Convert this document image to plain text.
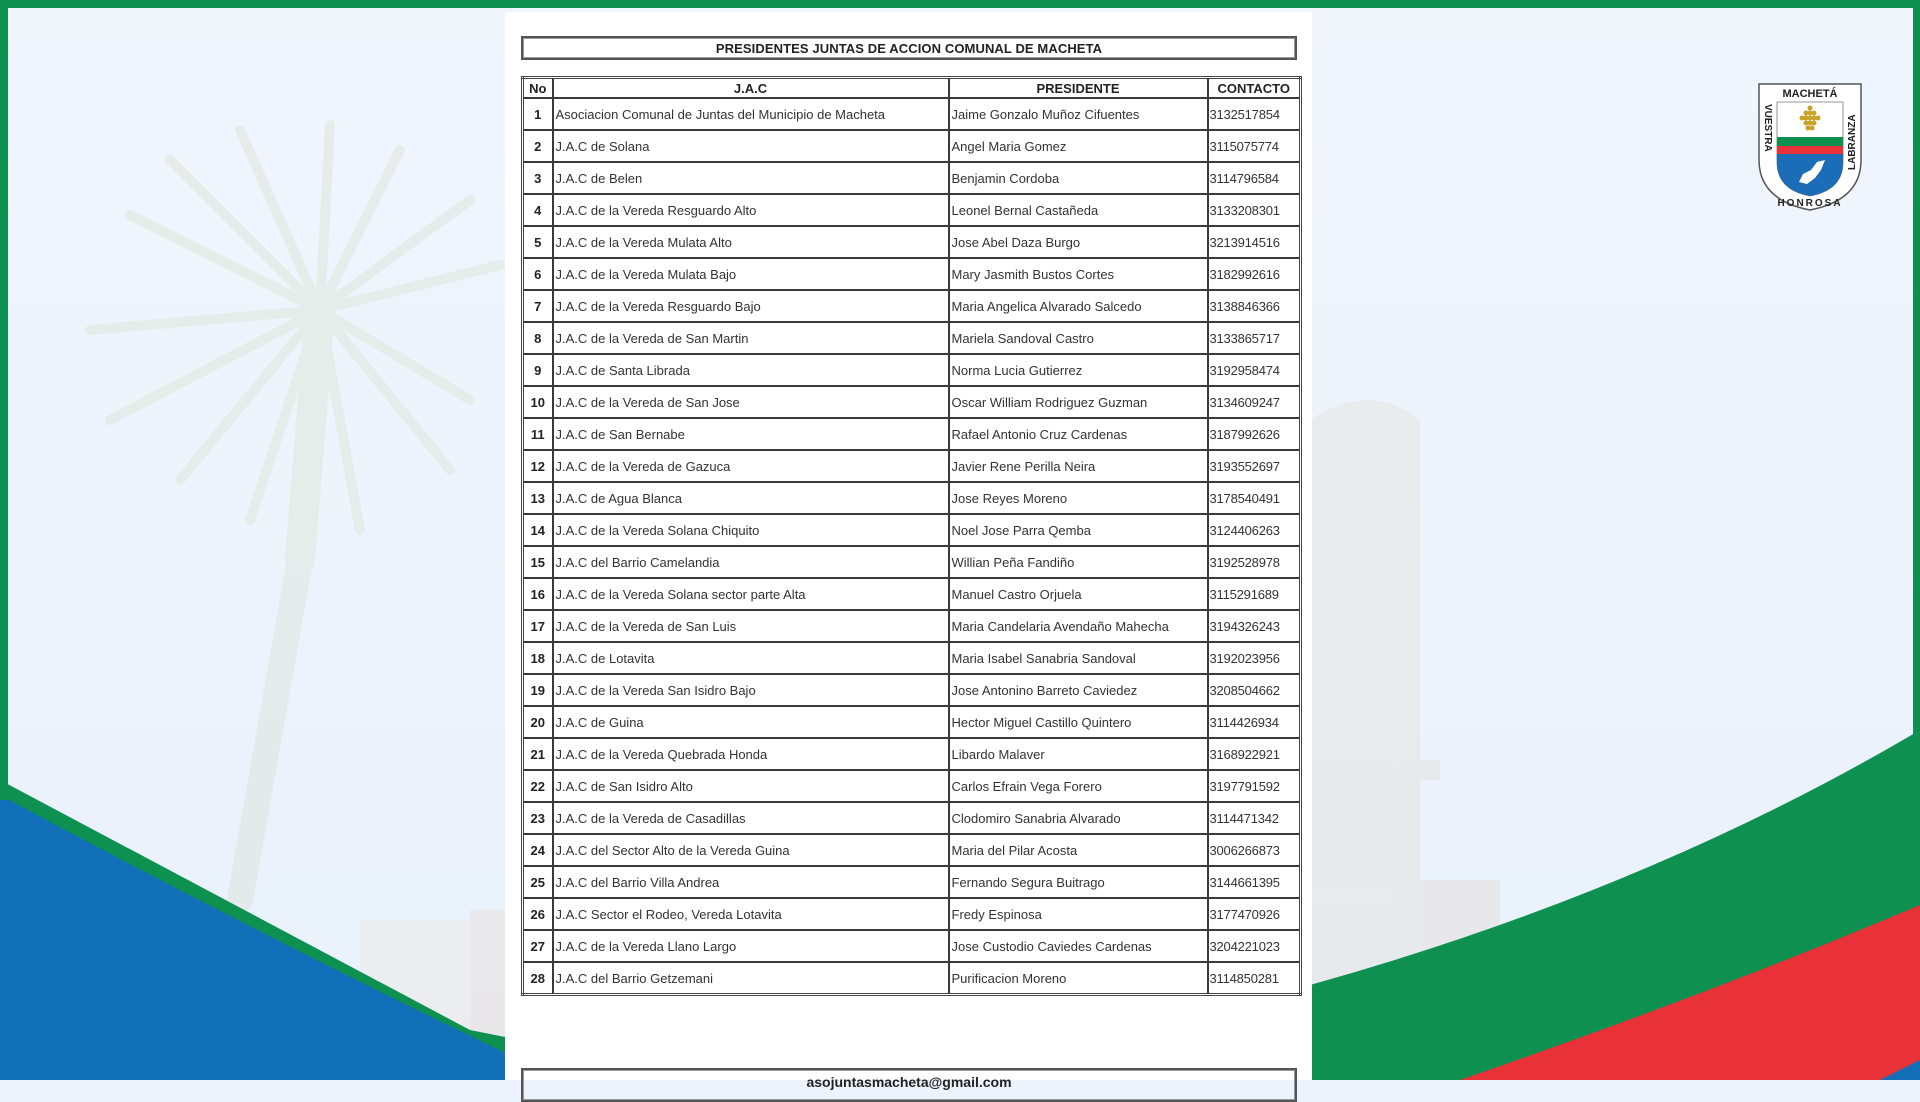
MACHETÁ
VUESTRA	LABRANZA
HONROSA
PRESIDENTES JUNTAS DE ACCION COMUNAL DE MACHETA
No	J.A.C	PRESIDENTE	CONTACTO
1	Asociacion Comunal de Juntas del Municipio de Macheta	Jaime Gonzalo Muñoz Cifuentes	3132517854
2	J.A.C de Solana	Angel Maria Gomez	3115075774
3	J.A.C de Belen	Benjamin Cordoba	3114796584
4	J.A.C de la Vereda Resguardo Alto	Leonel Bernal Castañeda	3133208301
5	J.A.C de la Vereda Mulata Alto	Jose Abel Daza Burgo	3213914516
6	J.A.C de la Vereda Mulata Bajo	Mary Jasmith Bustos Cortes	3182992616
7	J.A.C de la Vereda Resguardo Bajo	Maria Angelica Alvarado Salcedo	3138846366
8	J.A.C de la Vereda de San Martin	Mariela Sandoval Castro	3133865717
9	J.A.C de Santa Librada	Norma Lucia Gutierrez	3192958474
10	J.A.C de la Vereda de San Jose	Oscar William Rodriguez Guzman	3134609247
11	J.A.C de San Bernabe	Rafael Antonio Cruz Cardenas	3187992626
12	J.A.C de la Vereda de Gazuca	Javier Rene Perilla Neira	3193552697
13	J.A.C de Agua Blanca	Jose Reyes Moreno	3178540491
14	J.A.C de la Vereda Solana Chiquito	Noel Jose Parra Qemba	3124406263
15	J.A.C del Barrio Camelandia	Willian Peña Fandiño	3192528978
16	J.A.C de la Vereda Solana sector parte Alta	Manuel Castro Orjuela	3115291689
17	J.A.C de la Vereda de San Luis	Maria Candelaria Avendaño Mahecha	3194326243
18	J.A.C de Lotavita	Maria Isabel Sanabria Sandoval	3192023956
19	J.A.C de la Vereda San Isidro Bajo	Jose Antonino Barreto Caviedez	3208504662
20	J.A.C de Guina	Hector Miguel Castillo Quintero	3114426934
21	J.A.C de la Vereda Quebrada Honda	Libardo Malaver	3168922921
22	J.A.C de San Isidro Alto	Carlos Efrain Vega Forero	3197791592
23	J.A.C de la Vereda de Casadillas	Clodomiro Sanabria Alvarado	3114471342
24	J.A.C del Sector Alto de la Vereda Guina	Maria del Pilar Acosta	3006266873
25	J.A.C del Barrio Villa Andrea	Fernando Segura Buitrago	3144661395
26	J.A.C Sector el Rodeo, Vereda Lotavita	Fredy Espinosa	3177470926
27	J.A.C de la Vereda Llano Largo	Jose Custodio Caviedes Cardenas	3204221023
28	J.A.C del Barrio Getzemani	Purificacion Moreno	3114850281
asojuntasmacheta@gmail.com
